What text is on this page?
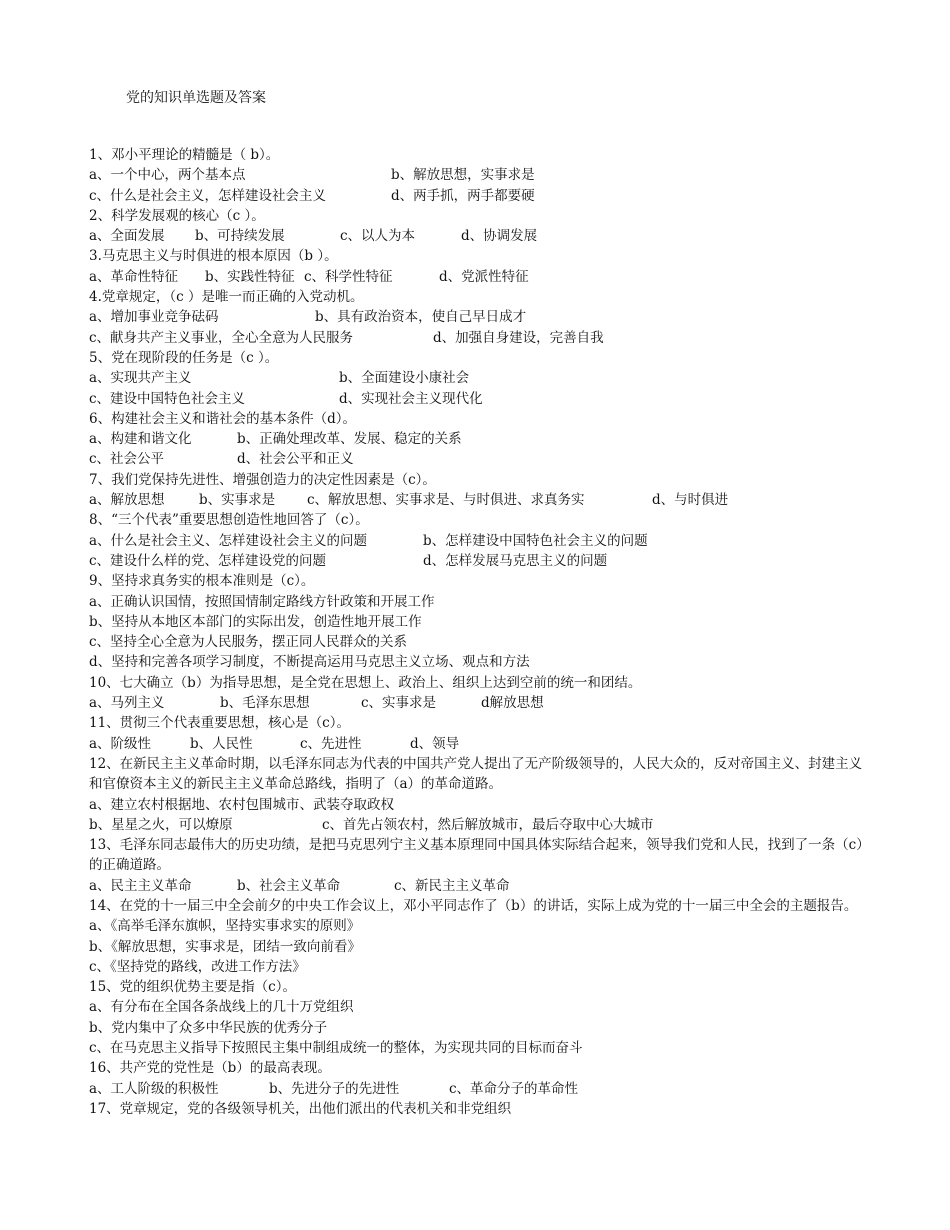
党的知识单选题及答案
1、邓小平理论的精髓是（ b）。
a、一个中心，两个基本点	b、解放思想，实事求是
c、什么是社会主义，怎样建设社会主义	d、两手抓，两手都要硬
2、科学发展观的核心（c ）。
a、全面发展 b、可持续发展	c、以人为本	d、协调发展
3.马克思主义与时俱进的根本原因（b ）。
a、革命性特征 b、实践性特征 c、科学性特征	d、党派性特征
4.党章规定，（c ）是唯一而正确的入党动机。
a、增加事业竞争砝码	b、具有政治资本，使自己早日成才
c、献身共产主义事业，全心全意为人民服务	d、加强自身建设，完善自我
5、党在现阶段的任务是（c ）。
a、实现共产主义	b、全面建设小康社会
c、建设中国特色社会主义	d、实现社会主义现代化
6、构建社会主义和谐社会的基本条件（d）。
a、构建和谐文化	b、正确处理改革、发展、稳定的关系
c、社会公平	d、社会公平和正义
7、我们党保持先进性、增强创造力的决定性因素是（c）。
a、解放思想	b、实事求是 c、解放思想、实事求是、与时俱进、求真务实	d、与时俱进
8、“三个代表”重要思想创造性地回答了（c）。
a、什么是社会主义、怎样建设社会主义的问题	b、怎样建设中国特色社会主义的问题
c、建设什么样的党、怎样建设党的问题	d、怎样发展马克思主义的问题
9、坚持求真务实的根本准则是（c）。
a、正确认识国情，按照国情制定路线方针政策和开展工作
b、坚持从本地区本部门的实际出发，创造性地开展工作
c、坚持全心全意为人民服务，摆正同人民群众的关系
d、坚持和完善各项学习制度，不断提高运用马克思主义立场、观点和方法
10、七大确立（b）为指导思想，是全党在思想上、政治上、组织上达到空前的统一和团结。
a、马列主义	b、毛泽东思想	c、实事求是	d解放思想
11、贯彻三个代表重要思想，核心是（c）。
a、阶级性	b、人民性	c、先进性	d、领导
12、在新民主主义革命时期，以毛泽东同志为代表的中国共产党人提出了无产阶级领导的，人民大众的，反对帝国主义、封建主义和官僚资本主义的新民主主义革命总路线，指明了（a）的革命道路。
a、建立农村根据地、农村包围城市、武装夺取政权
b、星星之火，可以燎原	c、首先占领农村，然后解放城市，最后夺取中心大城市
13、毛泽东同志最伟大的历史功绩，是把马克思列宁主义基本原理同中国具体实际结合起来，领导我们党和人民，找到了一条（c）的正确道路。
a、民主主义革命	b、社会主义革命	c、新民主主义革命
14、在党的十一届三中全会前夕的中央工作会议上，邓小平同志作了（b）的讲话，实际上成为党的十一届三中全会的主题报告。
a、《高举毛泽东旗帜，坚持实事求实的原则》
b、《解放思想，实事求是，团结一致向前看》
c、《坚持党的路线，改进工作方法》
15、党的组织优势主要是指（c）。
a、有分布在全国各条战线上的几十万党组织
b、党内集中了众多中华民族的优秀分子
c、在马克思主义指导下按照民主集中制组成统一的整体，为实现共同的目标而奋斗
16、共产党的党性是（b）的最高表现。
a、工人阶级的积极性	b、先进分子的先进性	c、革命分子的革命性
17、党章规定，党的各级领导机关，出他们派出的代表机关和非党组织
